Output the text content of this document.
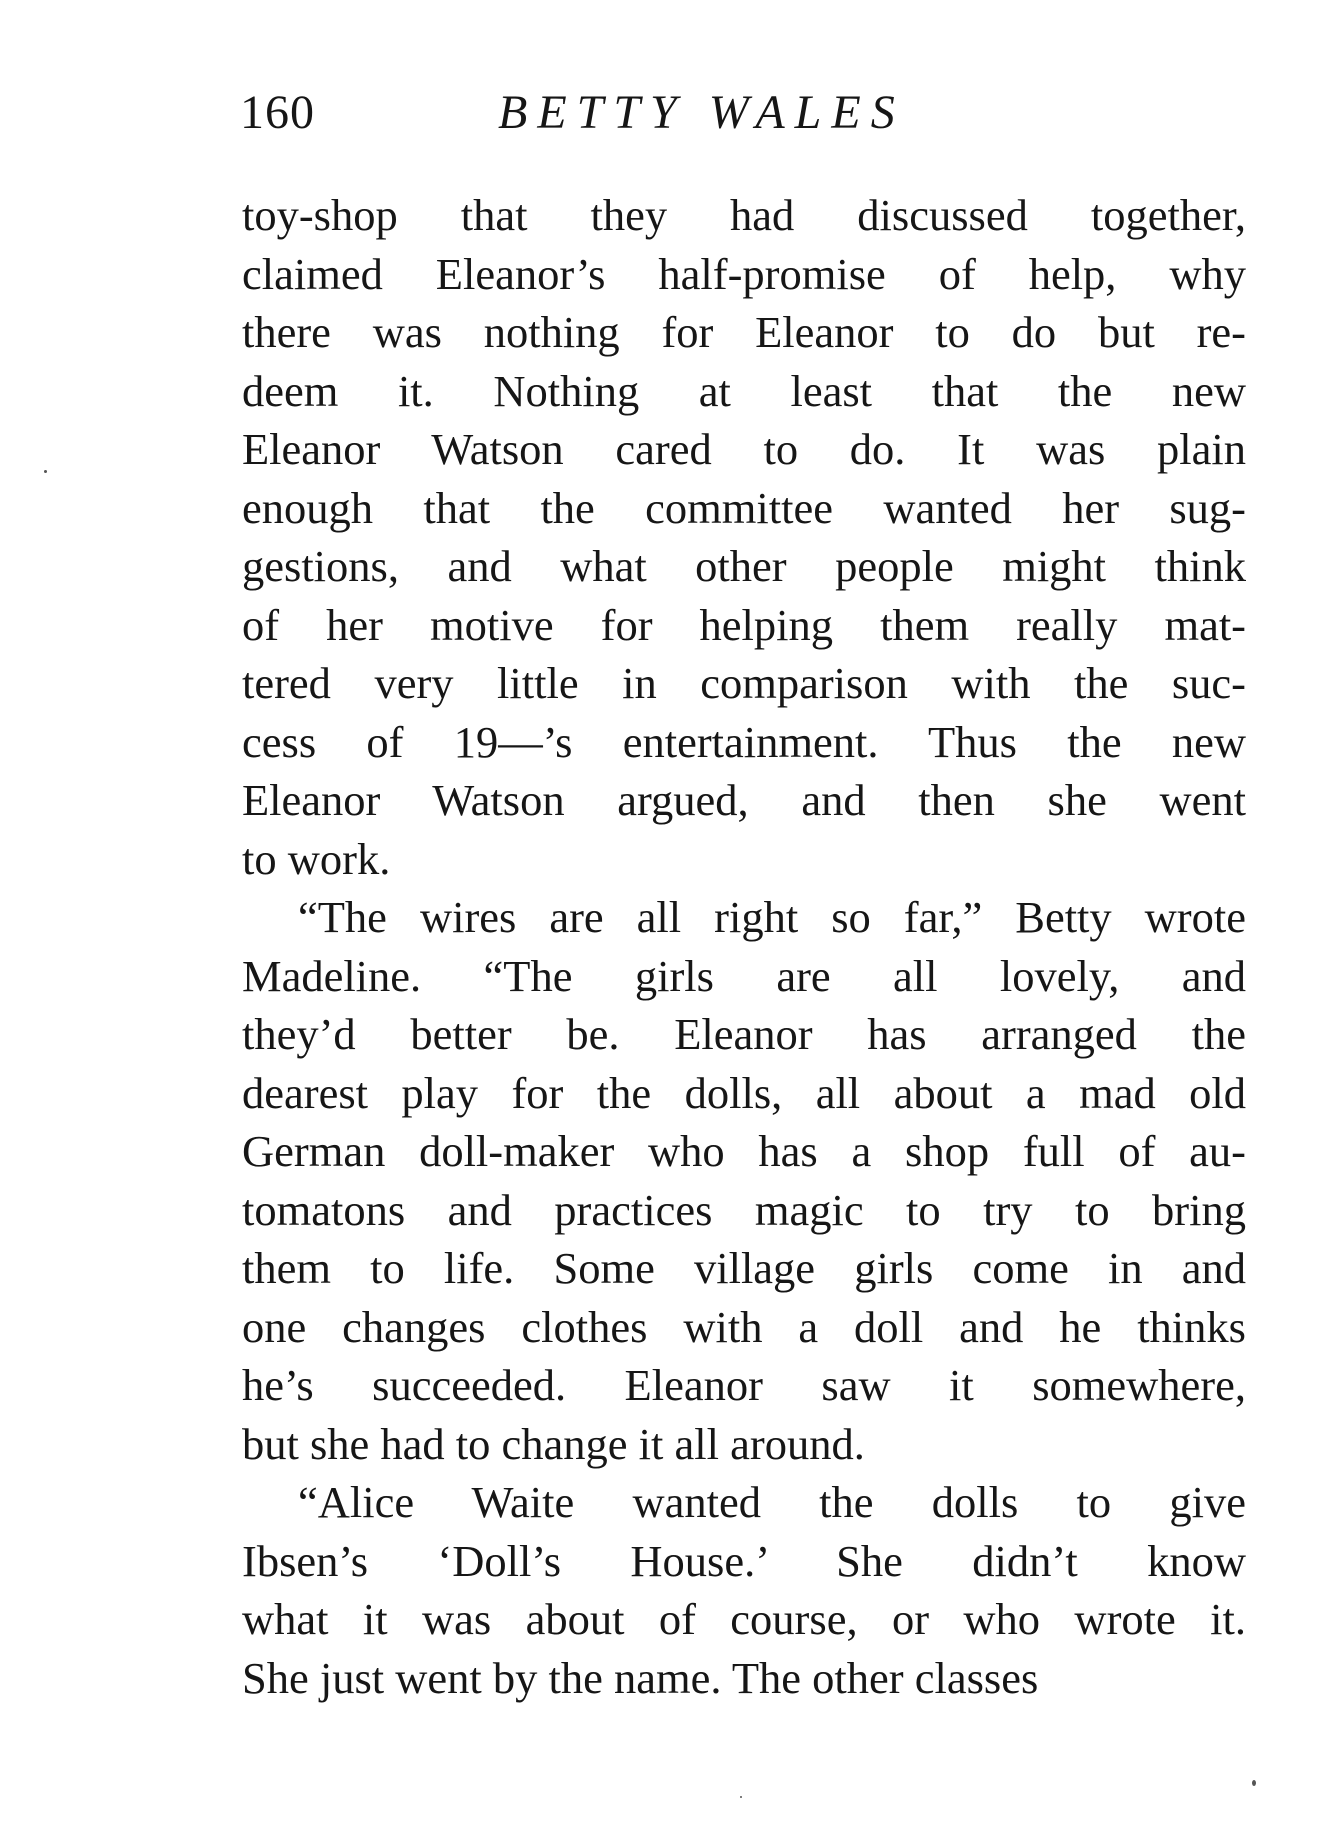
160	BETTY WALES
toy-shop that they had discussed together,
claimed Eleanor’s half-promise of help, why
there was nothing for Eleanor to do but re-
deem it. Nothing at least that the new
Eleanor Watson cared to do. It was plain
enough that the committee wanted her sug-
gestions, and what other people might think
of her motive for helping them really mat-
tered very little in comparison with the suc-
cess of 19—’s entertainment. Thus the new
Eleanor Watson argued, and then she went
to work.
“The wires are all right so far,” Betty wrote
Madeline. “The girls are all lovely, and
they’d better be. Eleanor has arranged the
dearest play for the dolls, all about a mad old
German doll-maker who has a shop full of au-
tomatons and practices magic to try to bring
them to life. Some village girls come in and
one changes clothes with a doll and he thinks
he’s succeeded. Eleanor saw it somewhere,
but she had to change it all around.
“Alice Waite wanted the dolls to give
Ibsen’s ‘Doll’s House.’ She didn’t know
what it was about of course, or who wrote it.
She just went by the name. The other classes
